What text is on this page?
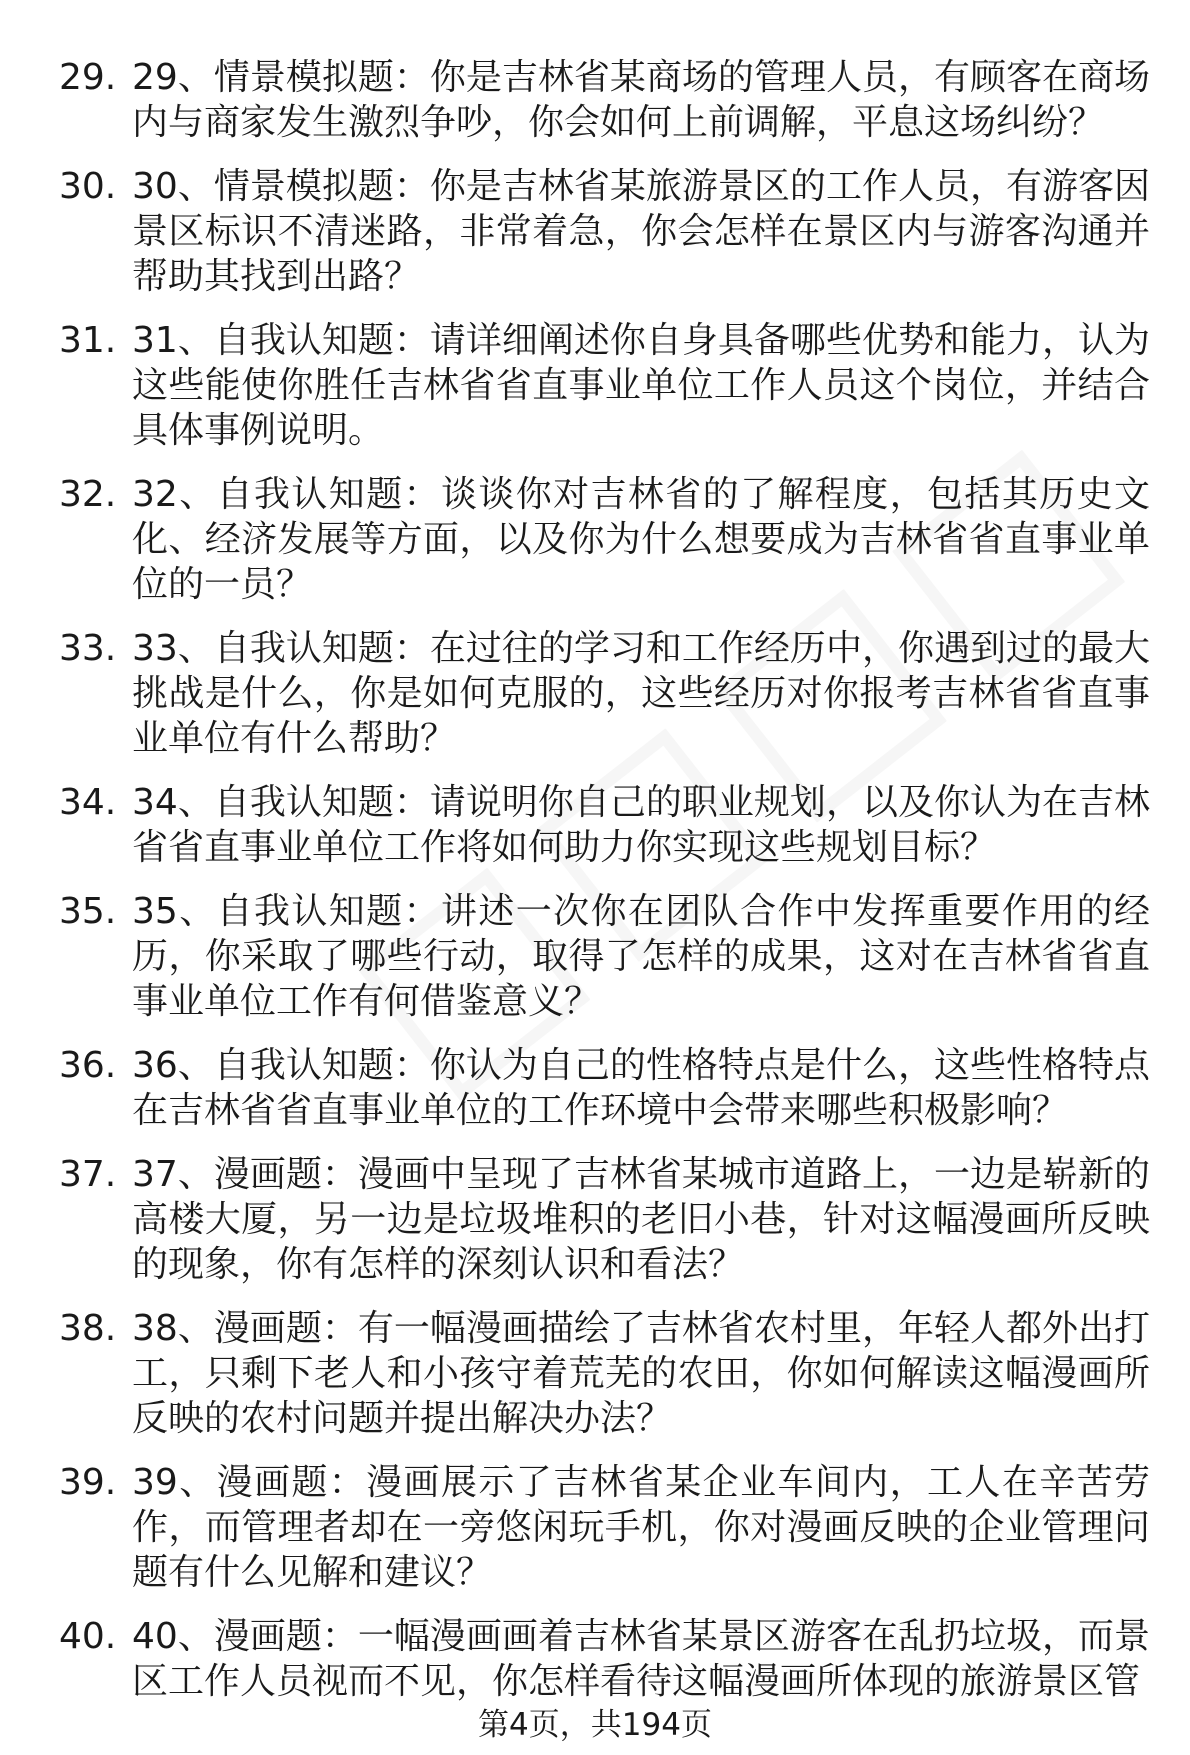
29. 29、情景模拟题：你是吉林省某商场的管理人员，有顾客在商场内与商家发生激烈争吵，你会如何上前调解，平息这场纠纷？
30. 30、情景模拟题：你是吉林省某旅游景区的工作人员，有游客因景区标识不清迷路，非常着急，你会怎样在景区内与游客沟通并帮助其找到出路？
31. 31、自我认知题：请详细阐述你自身具备哪些优势和能力，认为这些能使你胜任吉林省省直事业单位工作人员这个岗位，并结合具体事例说明。
32. 32、自我认知题：谈谈你对吉林省的了解程度，包括其历史文化、经济发展等方面，以及你为什么想要成为吉林省省直事业单位的一员？
33. 33、自我认知题：在过往的学习和工作经历中，你遇到过的最大挑战是什么，你是如何克服的，这些经历对你报考吉林省省直事业单位有什么帮助？
34. 34、自我认知题：请说明你自己的职业规划，以及你认为在吉林省省直事业单位工作将如何助力你实现这些规划目标？
35. 35、自我认知题：讲述一次你在团队合作中发挥重要作用的经历，你采取了哪些行动，取得了怎样的成果，这对在吉林省省直事业单位工作有何借鉴意义？
36. 36、自我认知题：你认为自己的性格特点是什么，这些性格特点在吉林省省直事业单位的工作环境中会带来哪些积极影响？
37. 37、漫画题：漫画中呈现了吉林省某城市道路上，一边是崭新的高楼大厦，另一边是垃圾堆积的老旧小巷，针对这幅漫画所反映的现象，你有怎样的深刻认识和看法？
38. 38、漫画题：有一幅漫画描绘了吉林省农村里，年轻人都外出打工，只剩下老人和小孩守着荒芜的农田，你如何解读这幅漫画所反映的农村问题并提出解决办法？
39. 39、漫画题：漫画展示了吉林省某企业车间内，工人在辛苦劳作，而管理者却在一旁悠闲玩手机，你对漫画反映的企业管理问题有什么见解和建议？
40. 40、漫画题：一幅漫画画着吉林省某景区游客在乱扔垃圾，而景区工作人员视而不见，你怎样看待这幅漫画所体现的旅游景区管
第4页，共194页
